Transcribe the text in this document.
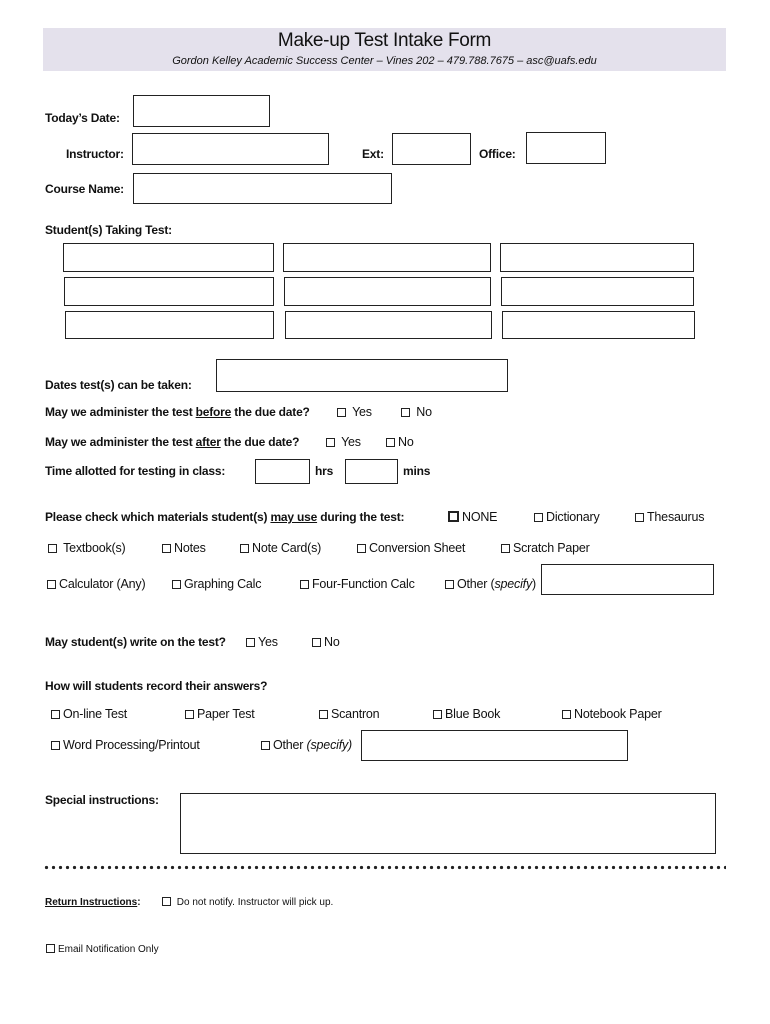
Make-up Test Intake Form
Gordon Kelley Academic Success Center – Vines 202 – 479.788.7675 – asc@uafs.edu
Today’s Date:
Instructor:	Ext:	Office:
Course Name:
Student(s) Taking Test:
Dates test(s) can be taken:
May we administer the test before the due date?	Yes	No
May we administer the test after the due date?	Yes	No
Time allotted for testing in class:	hrs	mins
Please check which materials student(s) may use during the test:	NONE	Dictionary	Thesaurus
Textbook(s)	Notes	Note Card(s)	Conversion Sheet	Scratch Paper
Calculator (Any)	Graphing Calc	Four-Function Calc	Other (specify)
May student(s) write on the test?	Yes	No
How will students record their answers?
On-line Test	Paper Test	Scantron	Blue Book	Notebook Paper
Word Processing/Printout	Other (specify)
Special instructions:
Return Instructions:	Do not notify. Instructor will pick up.
Email Notification Only
